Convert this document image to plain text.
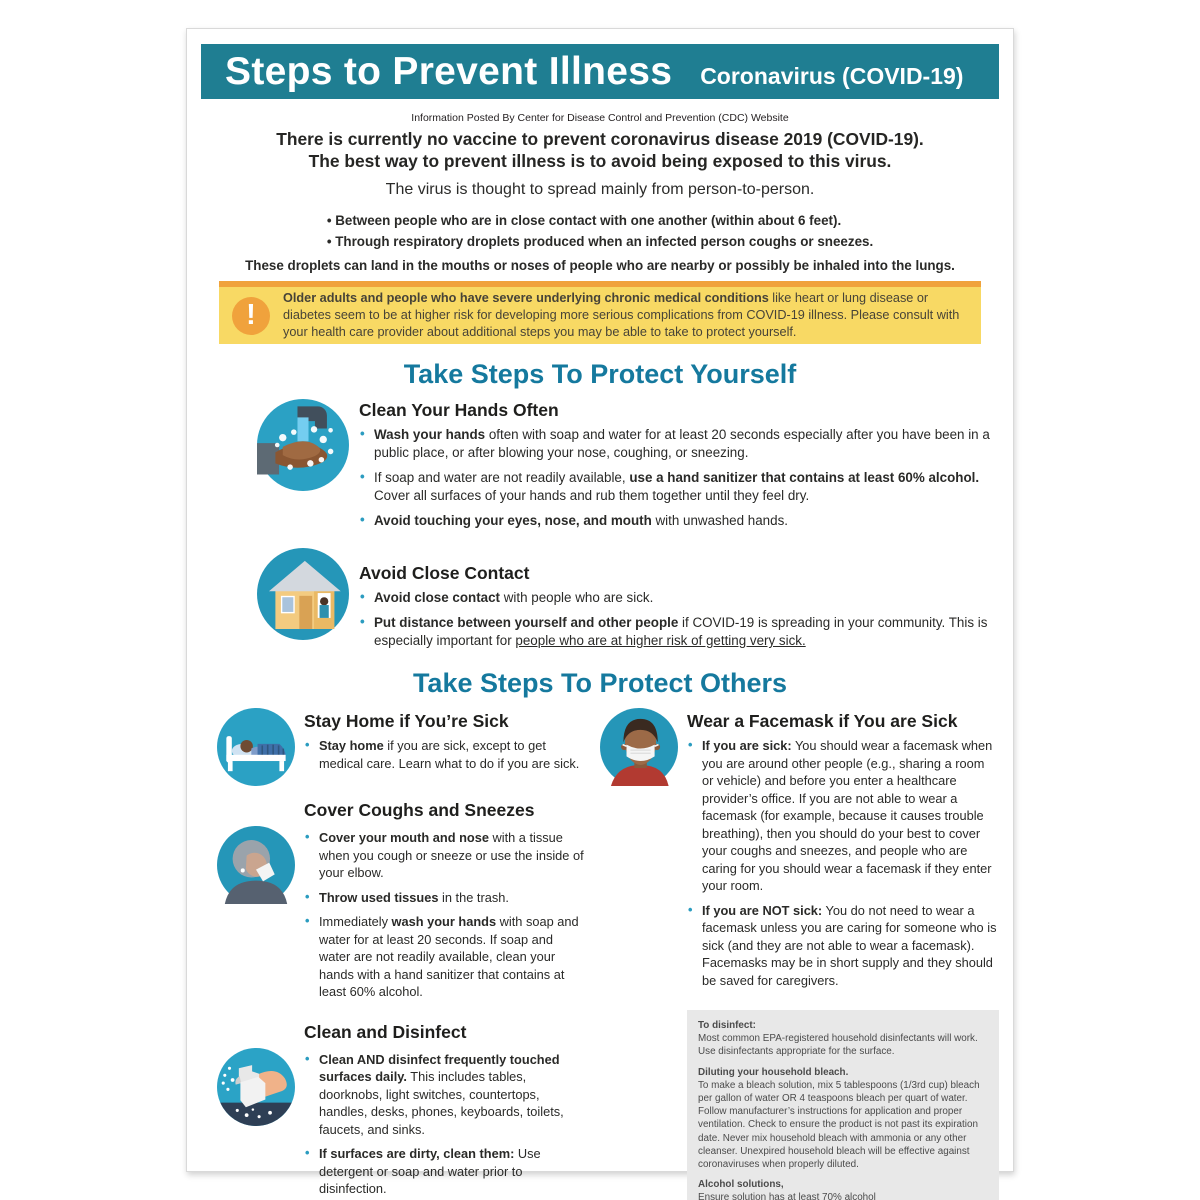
Steps to Prevent Illness Coronavirus (COVID-19)
Information Posted By Center for Disease Control and Prevention (CDC) Website
There is currently no vaccine to prevent coronavirus disease 2019 (COVID-19).
The best way to prevent illness is to avoid being exposed to this virus.
The virus is thought to spread mainly from person-to-person.
• Between people who are in close contact with one another (within about 6 feet).
• Through respiratory droplets produced when an infected person coughs or sneezes.
These droplets can land in the mouths or noses of people who are nearby or possibly be inhaled into the lungs.
!

Older adults and people who have severe underlying chronic medical conditions like heart or lung disease or diabetes seem to be at higher risk for developing more serious complications from COVID-19 illness. Please consult with your health care provider about additional steps you may be able to take to protect yourself.

Take Steps To Protect Yourself
Clean Your Hands Often
• Wash your hands often with soap and water for at least 20 seconds especially after you have been in a public place, or after blowing your nose, coughing, or sneezing.
• If soap and water are not readily available, use a hand sanitizer that contains at least 60% alcohol. Cover all surfaces of your hands and rub them together until they feel dry.
• Avoid touching your eyes, nose, and mouth with unwashed hands.
Avoid Close Contact
• Avoid close contact with people who are sick.
• Put distance between yourself and other people if COVID-19 is spreading in your community. This is especially important for people who are at higher risk of getting very sick.
Take Steps To Protect Others
Stay Home if You’re Sick
• Stay home if you are sick, except to get medical care. Learn what to do if you are sick.
Cover Coughs and Sneezes
• Cover your mouth and nose with a tissue when you cough or sneeze or use the inside of your elbow.
• Throw used tissues in the trash.
• Immediately wash your hands with soap and water for at least 20 seconds. If soap and water are not readily available, clean your hands with a hand sanitizer that contains at least 60% alcohol.
Clean and Disinfect
• Clean AND disinfect frequently touched surfaces daily. This includes tables, doorknobs, light switches, countertops, handles, desks, phones, keyboards, toilets, faucets, and sinks.
• If surfaces are dirty, clean them: Use detergent or soap and water prior to disinfection.
Wear a Facemask if You are Sick
• If you are sick: You should wear a facemask when you are around other people (e.g., sharing a room or vehicle) and before you enter a healthcare provider’s office. If you are not able to wear a facemask (for example, because it causes trouble breathing), then you should do your best to cover your coughs and sneezes, and people who are caring for you should wear a facemask if they enter your room.
• If you are NOT sick: You do not need to wear a facemask unless you are caring for someone who is sick (and they are not able to wear a facemask). Facemasks may be in short supply and they should be saved for caregivers.

To disinfect:
Most common EPA-registered household disinfectants will work. Use disinfectants appropriate for the surface.

Diluting your household bleach.
To make a bleach solution, mix 5 tablespoons (1/3rd cup) bleach per gallon of water OR 4 teaspoons bleach per quart of water. Follow manufacturer’s instructions for application and proper ventilation. Check to ensure the product is not past its expiration date. Never mix household bleach with ammonia or any other cleanser. Unexpired household bleach will be effective against coronaviruses when properly diluted.

Alcohol solutions,
Ensure solution has at least 70% alcohol
